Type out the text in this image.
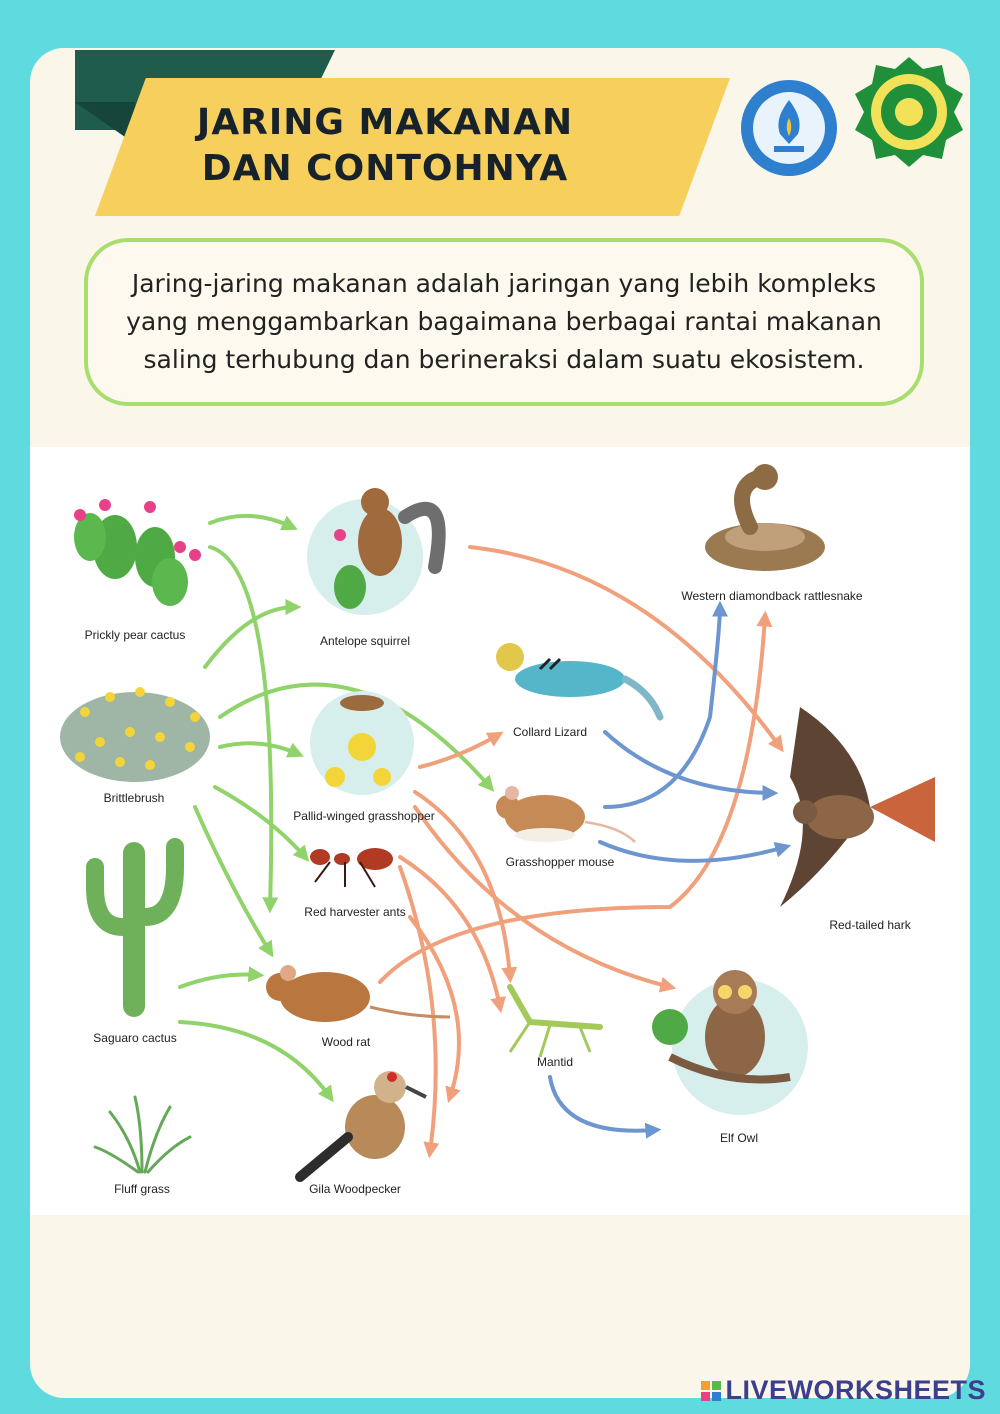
JARING MAKANAN
DAN CONTOHNYA

Jaring-jaring makanan adalah jaringan yang lebih kompleks yang menggambarkan bagaimana berbagai rantai makanan saling terhubung dan berineraksi dalam suatu ekosistem.

Prickly pear cactus	Antelope squirrel
Western diamondback rattlesnake
Collard Lizard
Brittlebrush
Pallid-winged grasshopper
Grasshopper mouse
Red-tailed hark
Red harvester ants
Saguaro cactus	Wood rat
Mantid
Elf Owl
Fluff grass	Gila Woodpecker
LIVEWORKSHEETS
